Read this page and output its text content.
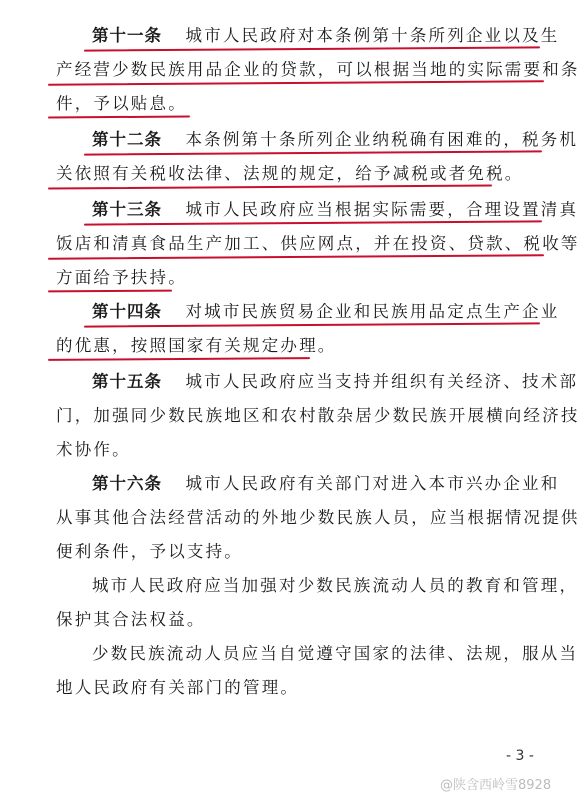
第十一条 城市人民政府对本条例第十条所列企业以及生
产经营少数民族用品企业的贷款，可以根据当地的实际需要和条
件，予以贴息。
第十二条 本条例第十条所列企业纳税确有困难的，税务机
关依照有关税收法律、法规的规定，给予减税或者免税。
第十三条 城市人民政府应当根据实际需要，合理设置清真
饭店和清真食品生产加工、供应网点，并在投资、贷款、税收等
方面给予扶持。
第十四条 对城市民族贸易企业和民族用品定点生产企业
的优惠，按照国家有关规定办理。
第十五条 城市人民政府应当支持并组织有关经济、技术部
门，加强同少数民族地区和农村散杂居少数民族开展横向经济技
术协作。
第十六条 城市人民政府有关部门对进入本市兴办企业和
从事其他合法经营活动的外地少数民族人员，应当根据情况提供
便利条件，予以支持。
城市人民政府应当加强对少数民族流动人员的教育和管理，
保护其合法权益。
少数民族流动人员应当自觉遵守国家的法律、法规，服从当
地人民政府有关部门的管理。
- 3 -
@陕含西岭雪8928
